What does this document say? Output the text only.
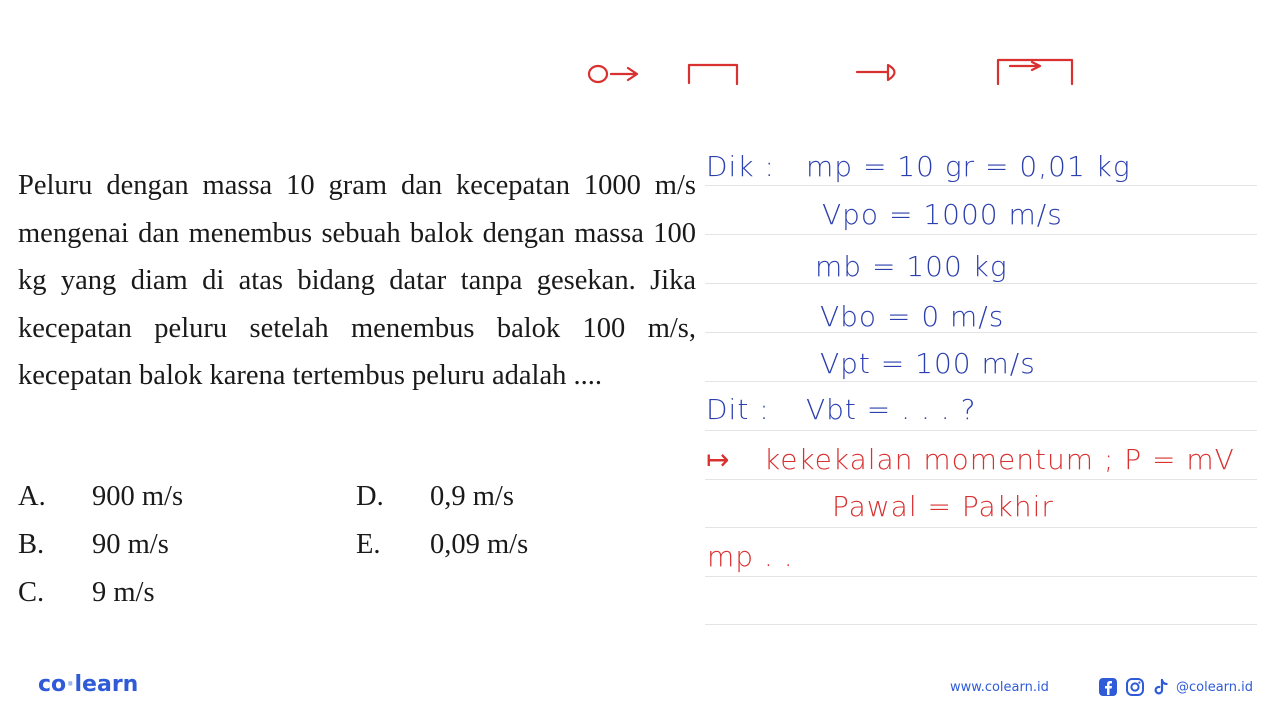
Peluru dengan massa 10 gram dan kecepatan 1000 m/s mengenai dan menembus sebuah balok dengan massa 100 kg yang diam di atas bidang datar tanpa gesekan. Jika kecepatan peluru setelah menembus balok 100 m/s, kecepatan balok karena tertembus peluru adalah ....

A.	900 m/s	D.	0,9 m/s
B.	90 m/s	E.	0,09 m/s
C.	9 m/s
Dik : mp = 10 gr = 0,01 kg
Vpo = 1000 m/s
mb = 100 kg
Vbo = 0 m/s
Vpt = 100 m/s
Dit : Vbt = . . . ?
↦ kekekalan momentum ; P = mV
Pawal = Pakhir
mp . .
co·learn	www.colearn.id	@colearn.id
